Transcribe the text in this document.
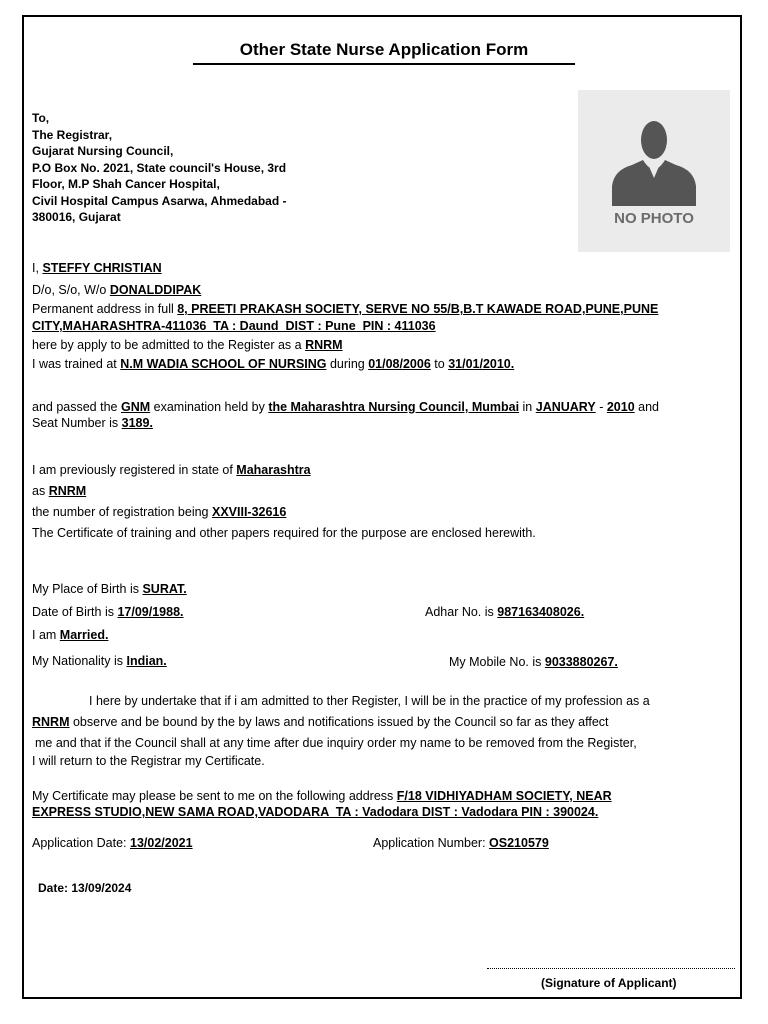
Other State Nurse Application Form
NO PHOTO
To,
The Registrar,
Gujarat Nursing Council,
P.O Box No. 2021, State council's House, 3rd
Floor, M.P Shah Cancer Hospital,
Civil Hospital Campus Asarwa, Ahmedabad -
380016, Gujarat
I, STEFFY CHRISTIAN
D/o, S/o, W/o DONALDDIPAK
Permanent address in full 8, PREETI PRAKASH SOCIETY, SERVE NO 55/B,B.T KAWADE ROAD,PUNE,PUNE
CITY,MAHARASHTRA-411036  TA : Daund  DIST : Pune  PIN : 411036
here by apply to be admitted to the Register as a RNRM
I was trained at N.M WADIA SCHOOL OF NURSING during 01/08/2006 to 31/01/2010.
and passed the GNM examination held by the Maharashtra Nursing Council, Mumbai in JANUARY - 2010 and
Seat Number is 3189.
I am previously registered in state of Maharashtra
as RNRM
the number of registration being XXVIII-32616
The Certificate of training and other papers required for the purpose are enclosed herewith.
My Place of Birth is SURAT.
Date of Birth is 17/09/1988.	Adhar No. is 987163408026.
I am Married.
My Nationality is Indian.	My Mobile No. is 9033880267.
I here by undertake that if i am admitted to ther Register, I will be in the practice of my profession as a
RNRM observe and be bound by the by laws and notifications issued by the Council so far as they affect
me and that if the Council shall at any time after due inquiry order my name to be removed from the Register,
I will return to the Registrar my Certificate.
My Certificate may please be sent to me on the following address F/18 VIDHIYADHAM SOCIETY, NEAR
EXPRESS STUDIO,NEW SAMA ROAD,VADODARA  TA : Vadodara DIST : Vadodara PIN : 390024.
Application Date: 13/02/2021	Application Number: OS210579
Date: 13/09/2024
(Signature of Applicant)
